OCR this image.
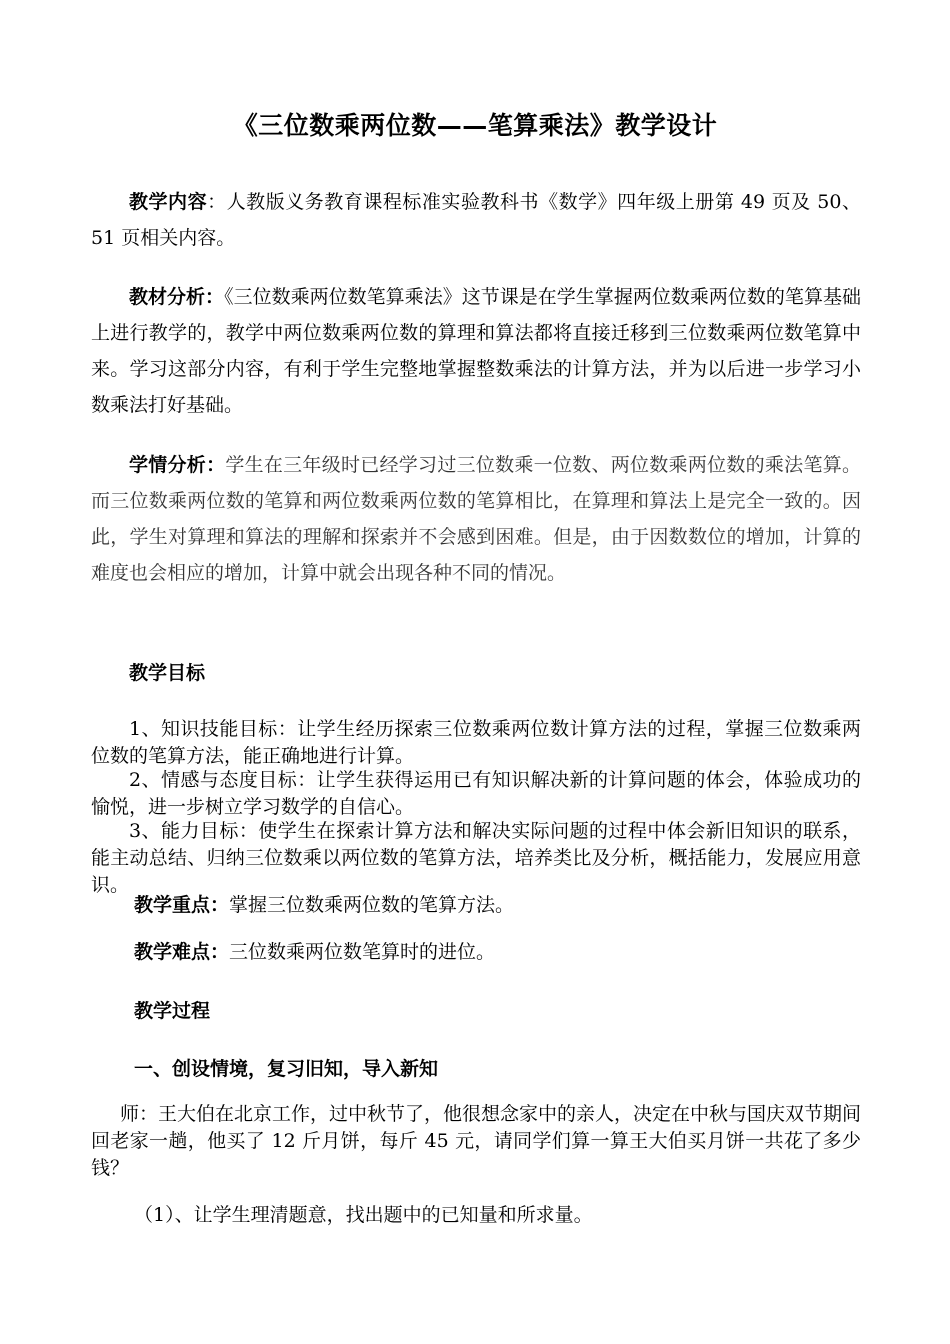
《三位数乘两位数——笔算乘法》教学设计

教学内容：人教版义务教育课程标准实验教科书《数学》四年级上册第 49 页及 50、51 页相关内容。

教材分析：《三位数乘两位数笔算乘法》这节课是在学生掌握两位数乘两位数的笔算基础上进行教学的，教学中两位数乘两位数的算理和算法都将直接迁移到三位数乘两位数笔算中来。学习这部分内容，有利于学生完整地掌握整数乘法的计算方法，并为以后进一步学习小数乘法打好基础。

学情分析：学生在三年级时已经学习过三位数乘一位数、两位数乘两位数的乘法笔算。而三位数乘两位数的笔算和两位数乘两位数的笔算相比，在算理和算法上是完全一致的。因此，学生对算理和算法的理解和探索并不会感到困难。但是，由于因数数位的增加，计算的难度也会相应的增加，计算中就会出现各种不同的情况。

教学目标

1、知识技能目标：让学生经历探索三位数乘两位数计算方法的过程，掌握三位数乘两位数的笔算方法，能正确地进行计算。

2、情感与态度目标：让学生获得运用已有知识解决新的计算问题的体会，体验成功的愉悦，进一步树立学习数学的自信心。

3、能力目标：使学生在探索计算方法和解决实际问题的过程中体会新旧知识的联系，能主动总结、归纳三位数乘以两位数的笔算方法，培养类比及分析，概括能力，发展应用意识。

教学重点：掌握三位数乘两位数的笔算方法。
教学难点：三位数乘两位数笔算时的进位。
教学过程
一、创设情境，复习旧知，导入新知

师：王大伯在北京工作，过中秋节了，他很想念家中的亲人，决定在中秋与国庆双节期间回老家一趟，他买了 12 斤月饼，每斤 45 元，请同学们算一算王大伯买月饼一共花了多少钱？

（1）、让学生理清题意，找出题中的已知量和所求量。
